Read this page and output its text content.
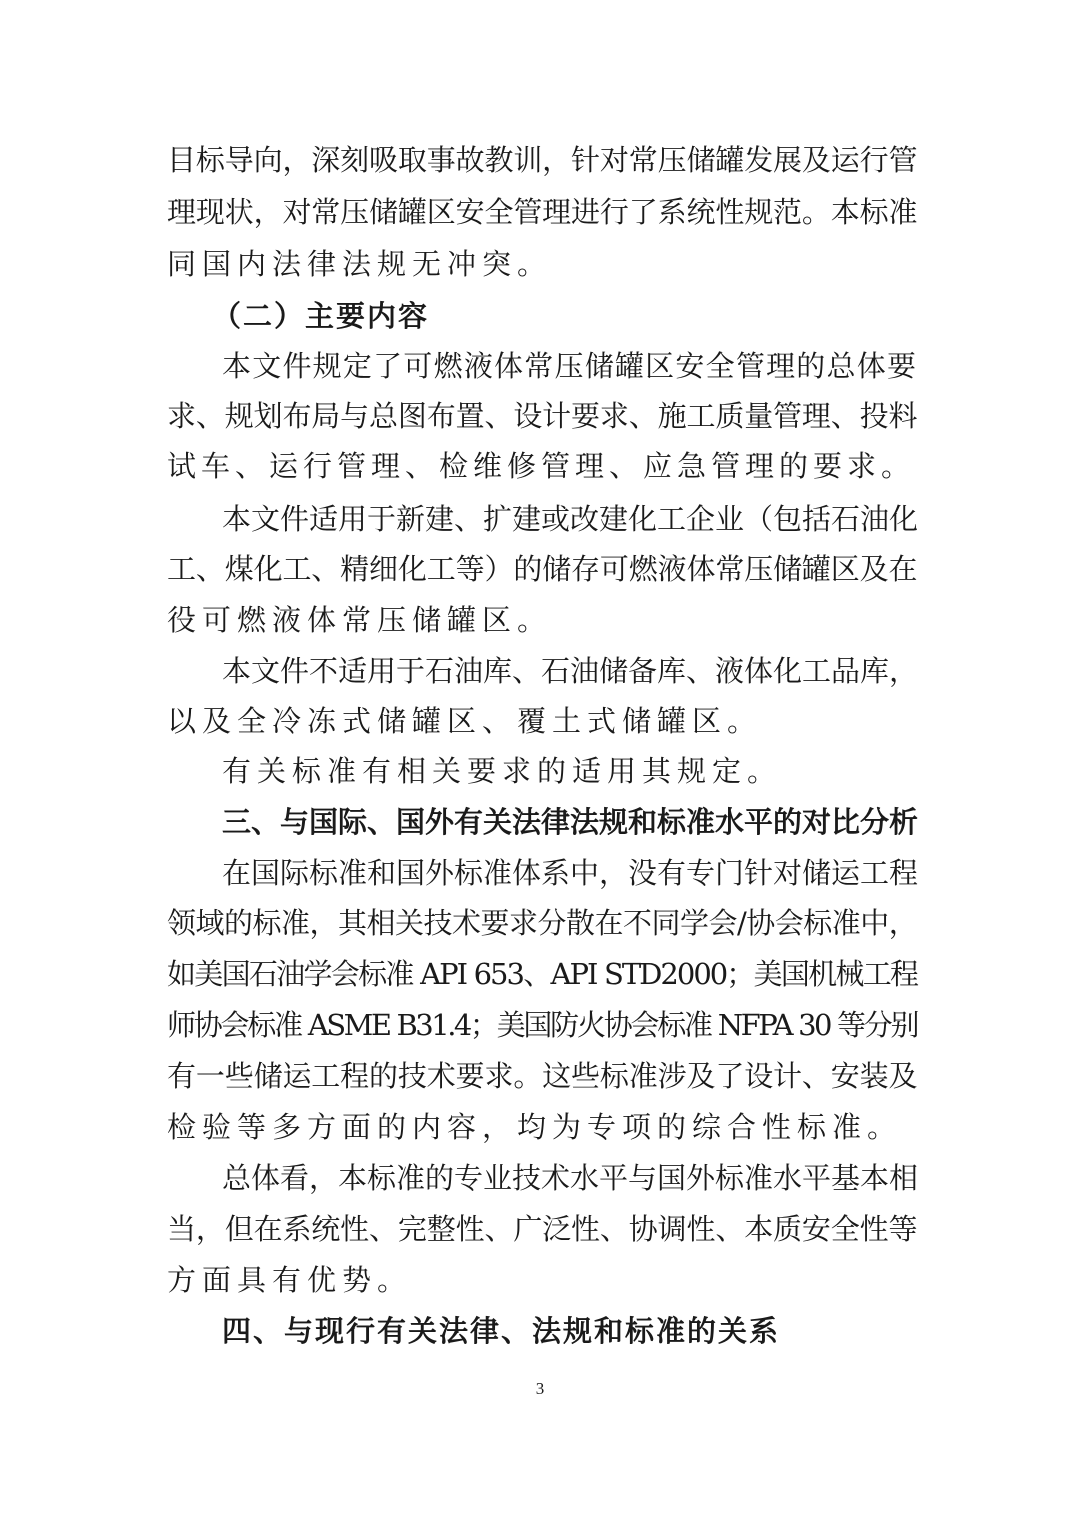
目标导向，深刻吸取事故教训，针对常压储罐发展及运行管
理现状，对常压储罐区安全管理进行了系统性规范。本标准
同国内法律法规无冲突。
（二）主要内容
本文件规定了可燃液体常压储罐区安全管理的总体要
求、规划布局与总图布置、设计要求、施工质量管理、投料
试车、运行管理、检维修管理、应急管理的要求。
本文件适用于新建、扩建或改建化工企业（包括石油化
工、煤化工、精细化工等）的储存可燃液体常压储罐区及在
役可燃液体常压储罐区。
本文件不适用于石油库、石油储备库、液体化工品库，
以及全冷冻式储罐区、覆土式储罐区。
有关标准有相关要求的适用其规定。
三、与国际、国外有关法律法规和标准水平的对比分析
在国际标准和国外标准体系中，没有专门针对储运工程
领域的标准，其相关技术要求分散在不同学会/协会标准中，
如美国石油学会标准 API 653、API STD2000；美国机械工程
师协会标准 ASME B31.4；美国防火协会标准 NFPA 30 等分别
有一些储运工程的技术要求。这些标准涉及了设计、安装及
检验等多方面的内容，均为专项的综合性标准。
总体看，本标准的专业技术水平与国外标准水平基本相
当，但在系统性、完整性、广泛性、协调性、本质安全性等
方面具有优势。
四、与现行有关法律、法规和标准的关系
3
